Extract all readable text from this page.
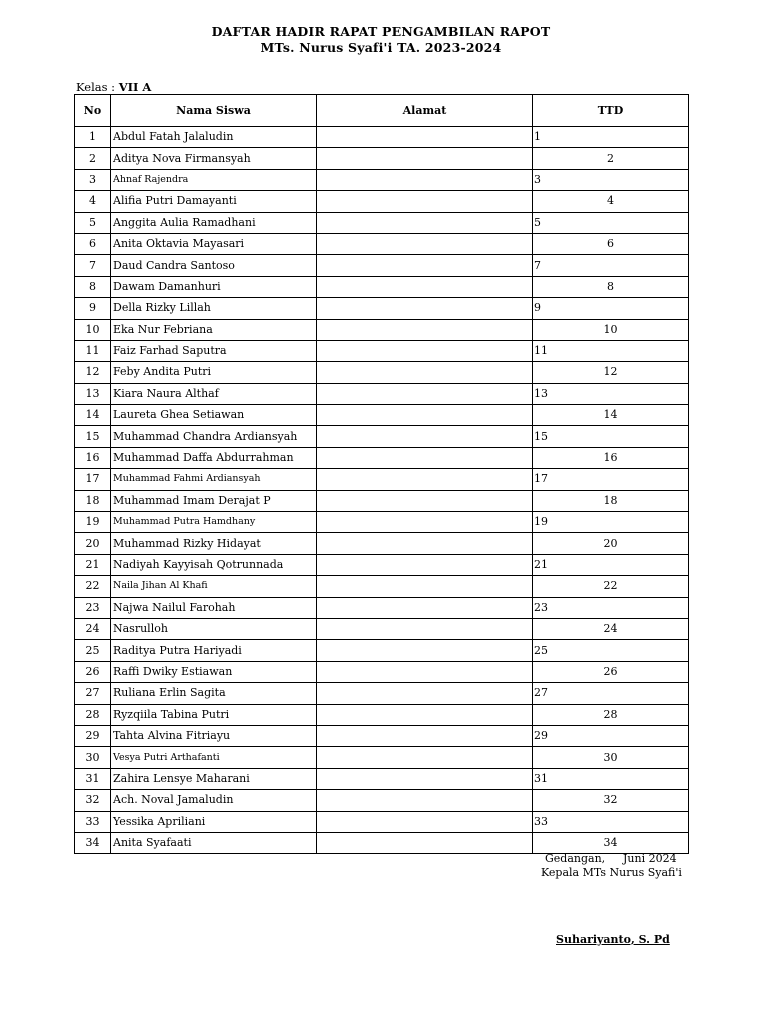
DAFTAR HADIR RAPAT PENGAMBILAN RAPOT
MTs. Nurus Syafi'i TA. 2023-2024
Kelas : VII A
No	Nama Siswa	Alamat	TTD
1	Abdul Fatah Jalaludin		1
2	Aditya Nova Firmansyah		2
3	Ahnaf Rajendra		3
4	Alifia Putri Damayanti		4
5	Anggita Aulia Ramadhani		5
6	Anita Oktavia Mayasari		6
7	Daud Candra Santoso		7
8	Dawam Damanhuri		8
9	Della Rizky Lillah		9
10	Eka Nur Febriana		10
11	Faiz Farhad Saputra		11
12	Feby Andita Putri		12
13	Kiara Naura Althaf		13
14	Laureta Ghea Setiawan		14
15	Muhammad Chandra Ardiansyah		15
16	Muhammad Daffa Abdurrahman		16
17	Muhammad Fahmi Ardiansyah		17
18	Muhammad Imam Derajat P		18
19	Muhammad Putra Hamdhany		19
20	Muhammad Rizky Hidayat		20
21	Nadiyah Kayyisah Qotrunnada		21
22	Naila Jihan Al Khafi		22
23	Najwa Nailul Farohah		23
24	Nasrulloh		24
25	Raditya Putra Hariyadi		25
26	Raffi Dwiky Estiawan		26
27	Ruliana Erlin Sagita		27
28	Ryzqiila Tabina Putri		28
29	Tahta Alvina Fitriayu		29
30	Vesya Putri Arthafanti		30
31	Zahira Lensye Maharani		31
32	Ach. Noval Jamaludin		32
33	Yessika Apriliani		33
34	Anita Syafaati		34
Gedangan, Juni 2024
Kepala MTs Nurus Syafi'i
Suhariyanto, S. Pd
